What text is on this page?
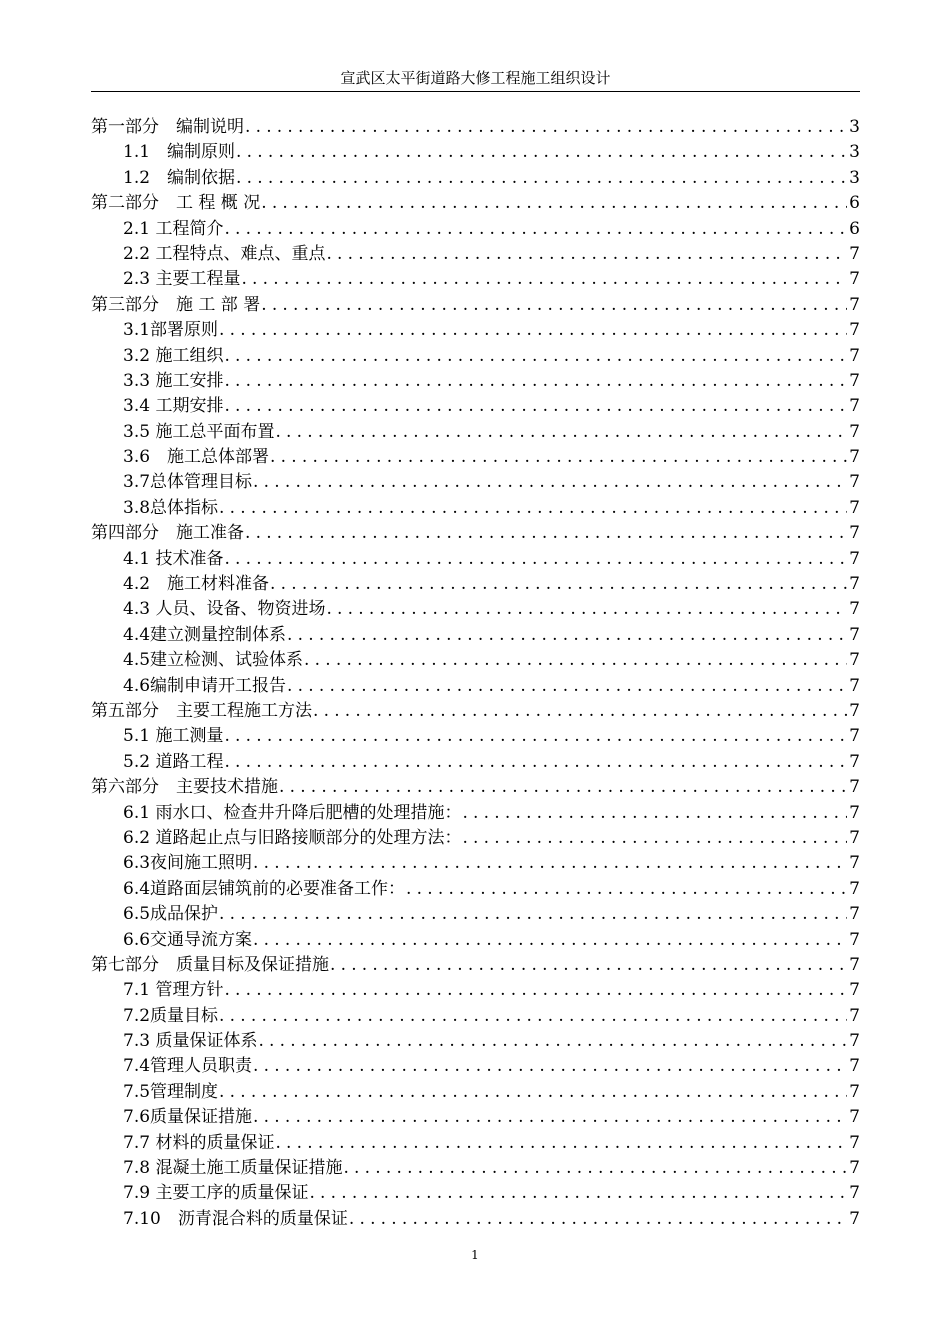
宣武区太平街道路大修工程施工组织设计
第一部分　编制说明 .....	3
1.1　编制原则 .....	3
1.2　编制依据 .....	3
第二部分　工 程 概 况 .....	6
2.1 工程简介 .....	6
2.2 工程特点、难点、重点 .....	7
2.3 主要工程量 .....	7
第三部分　施 工 部 署 .....	7
3.1部署原则 .....	7
3.2 施工组织 .....	7
3.3 施工安排 .....	7
3.4 工期安排 .....	7
3.5 施工总平面布置 .....	7
3.6　施工总体部署 .....	7
3.7总体管理目标 .....	7
3.8总体指标 .....	7
第四部分　施工准备 .....	7
4.1 技术准备 .....	7
4.2　施工材料准备 .....	7
4.3 人员、设备、物资进场 .....	7
4.4建立测量控制体系 .....	7
4.5建立检测、试验体系 .....	7
4.6编制申请开工报告 .....	7
第五部分　主要工程施工方法 .....	7
5.1 施工测量 .....	7
5.2 道路工程 .....	7
第六部分　主要技术措施 .....	7
6.1 雨水口、检查井升降后肥槽的处理措施： .....	7
6.2 道路起止点与旧路接顺部分的处理方法： .....	7
6.3夜间施工照明 .....	7
6.4道路面层铺筑前的必要准备工作： .....	7
6.5成品保护 .....	7
6.6交通导流方案 .....	7
第七部分　质量目标及保证措施 .....	7
7.1 管理方针 .....	7
7.2质量目标 .....	7
7.3 质量保证体系 .....	7
7.4管理人员职责 .....	7
7.5管理制度 .....	7
7.6质量保证措施 .....	7
7.7 材料的质量保证 .....	7
7.8 混凝土施工质量保证措施 .....	7
7.9 主要工序的质量保证 .....	7
7.10　沥青混合料的质量保证 .....	7
1
